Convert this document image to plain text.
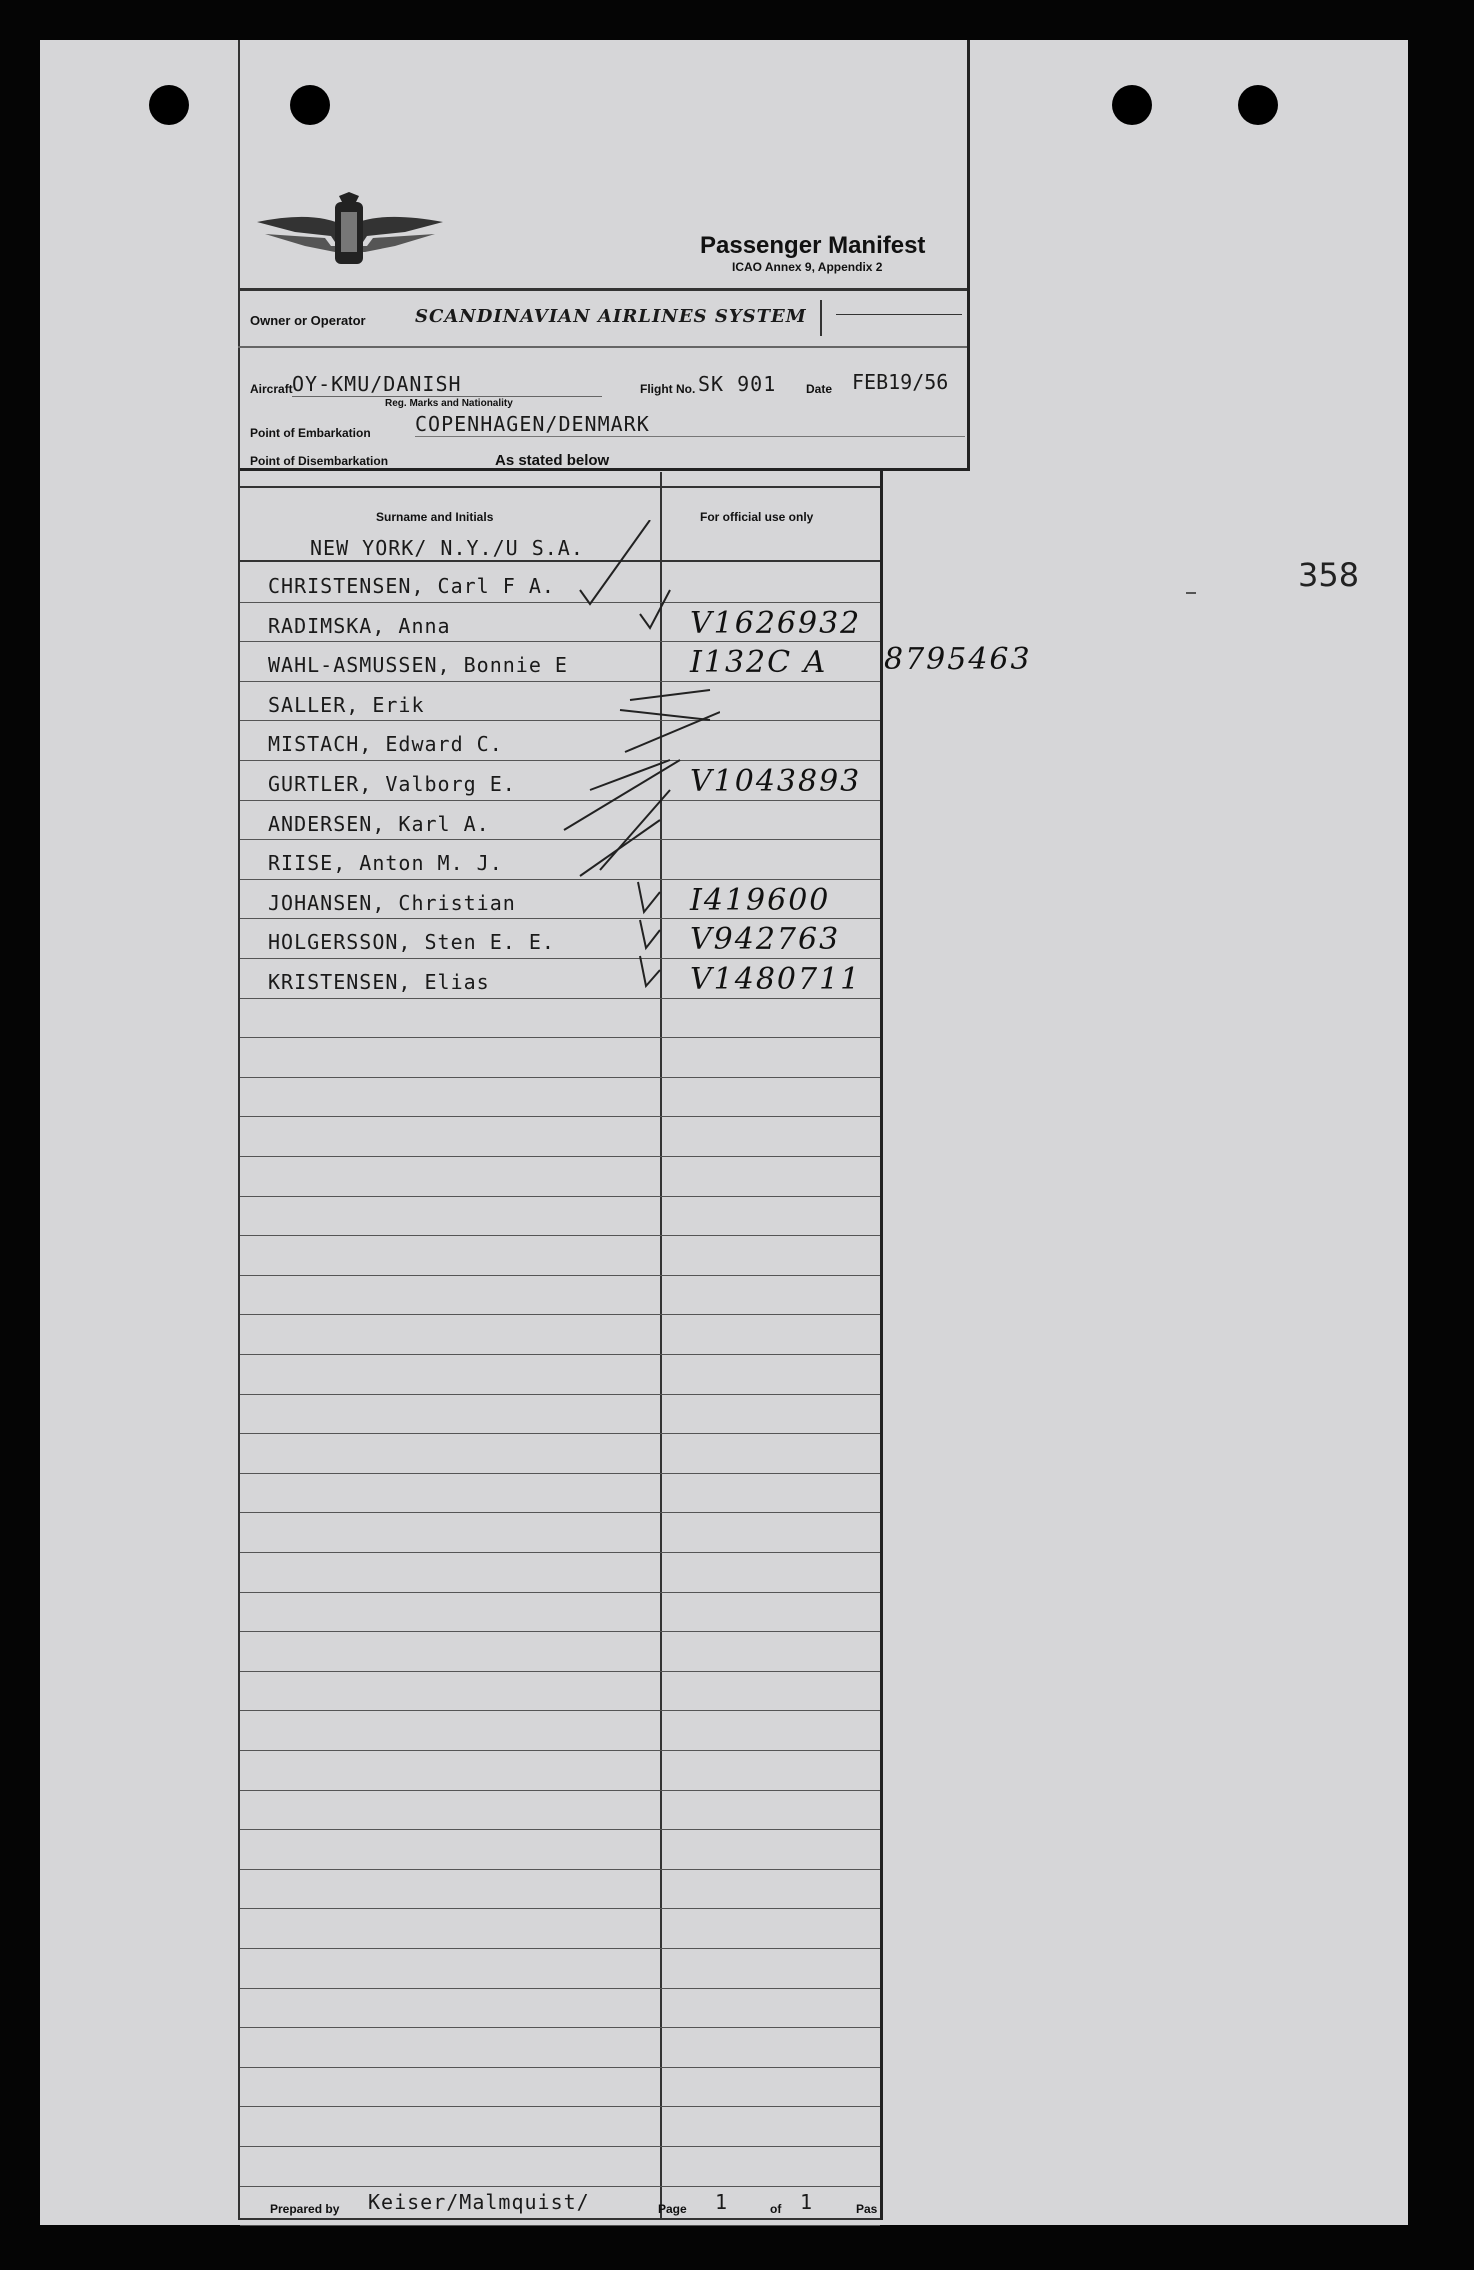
Passenger Manifest
ICAO Annex 9, Appendix 2
Owner or Operator	SCANDINAVIAN AIRLINES SYSTEM
Aircraft OY-KMU/DANISH
Reg. Marks and Nationality
Flight No. SK 901 Date FEB19/56
Point of Embarkation COPENHAGEN/DENMARK
Point of Disembarkation	As stated below
Surname and Initials	For official use only
CHRISTENSEN, Carl F A.
RADIMSKA, Anna	V1626932
WAHL-ASMUSSEN, Bonnie E	I132C A
SALLER, Erik
MISTACH, Edward C.
GURTLER, Valborg E.	V1043893
ANDERSEN, Karl A.
RIISE, Anton M. J.
JOHANSEN, Christian	I419600
HOLGERSSON, Sten E. E.	V942763
KRISTENSEN, Elias	V1480711
NEW YORK/ N.Y./U S.A.
8795463
Prepared by Keiser/Malmquist/	Page 1	of 1	Pas
358
